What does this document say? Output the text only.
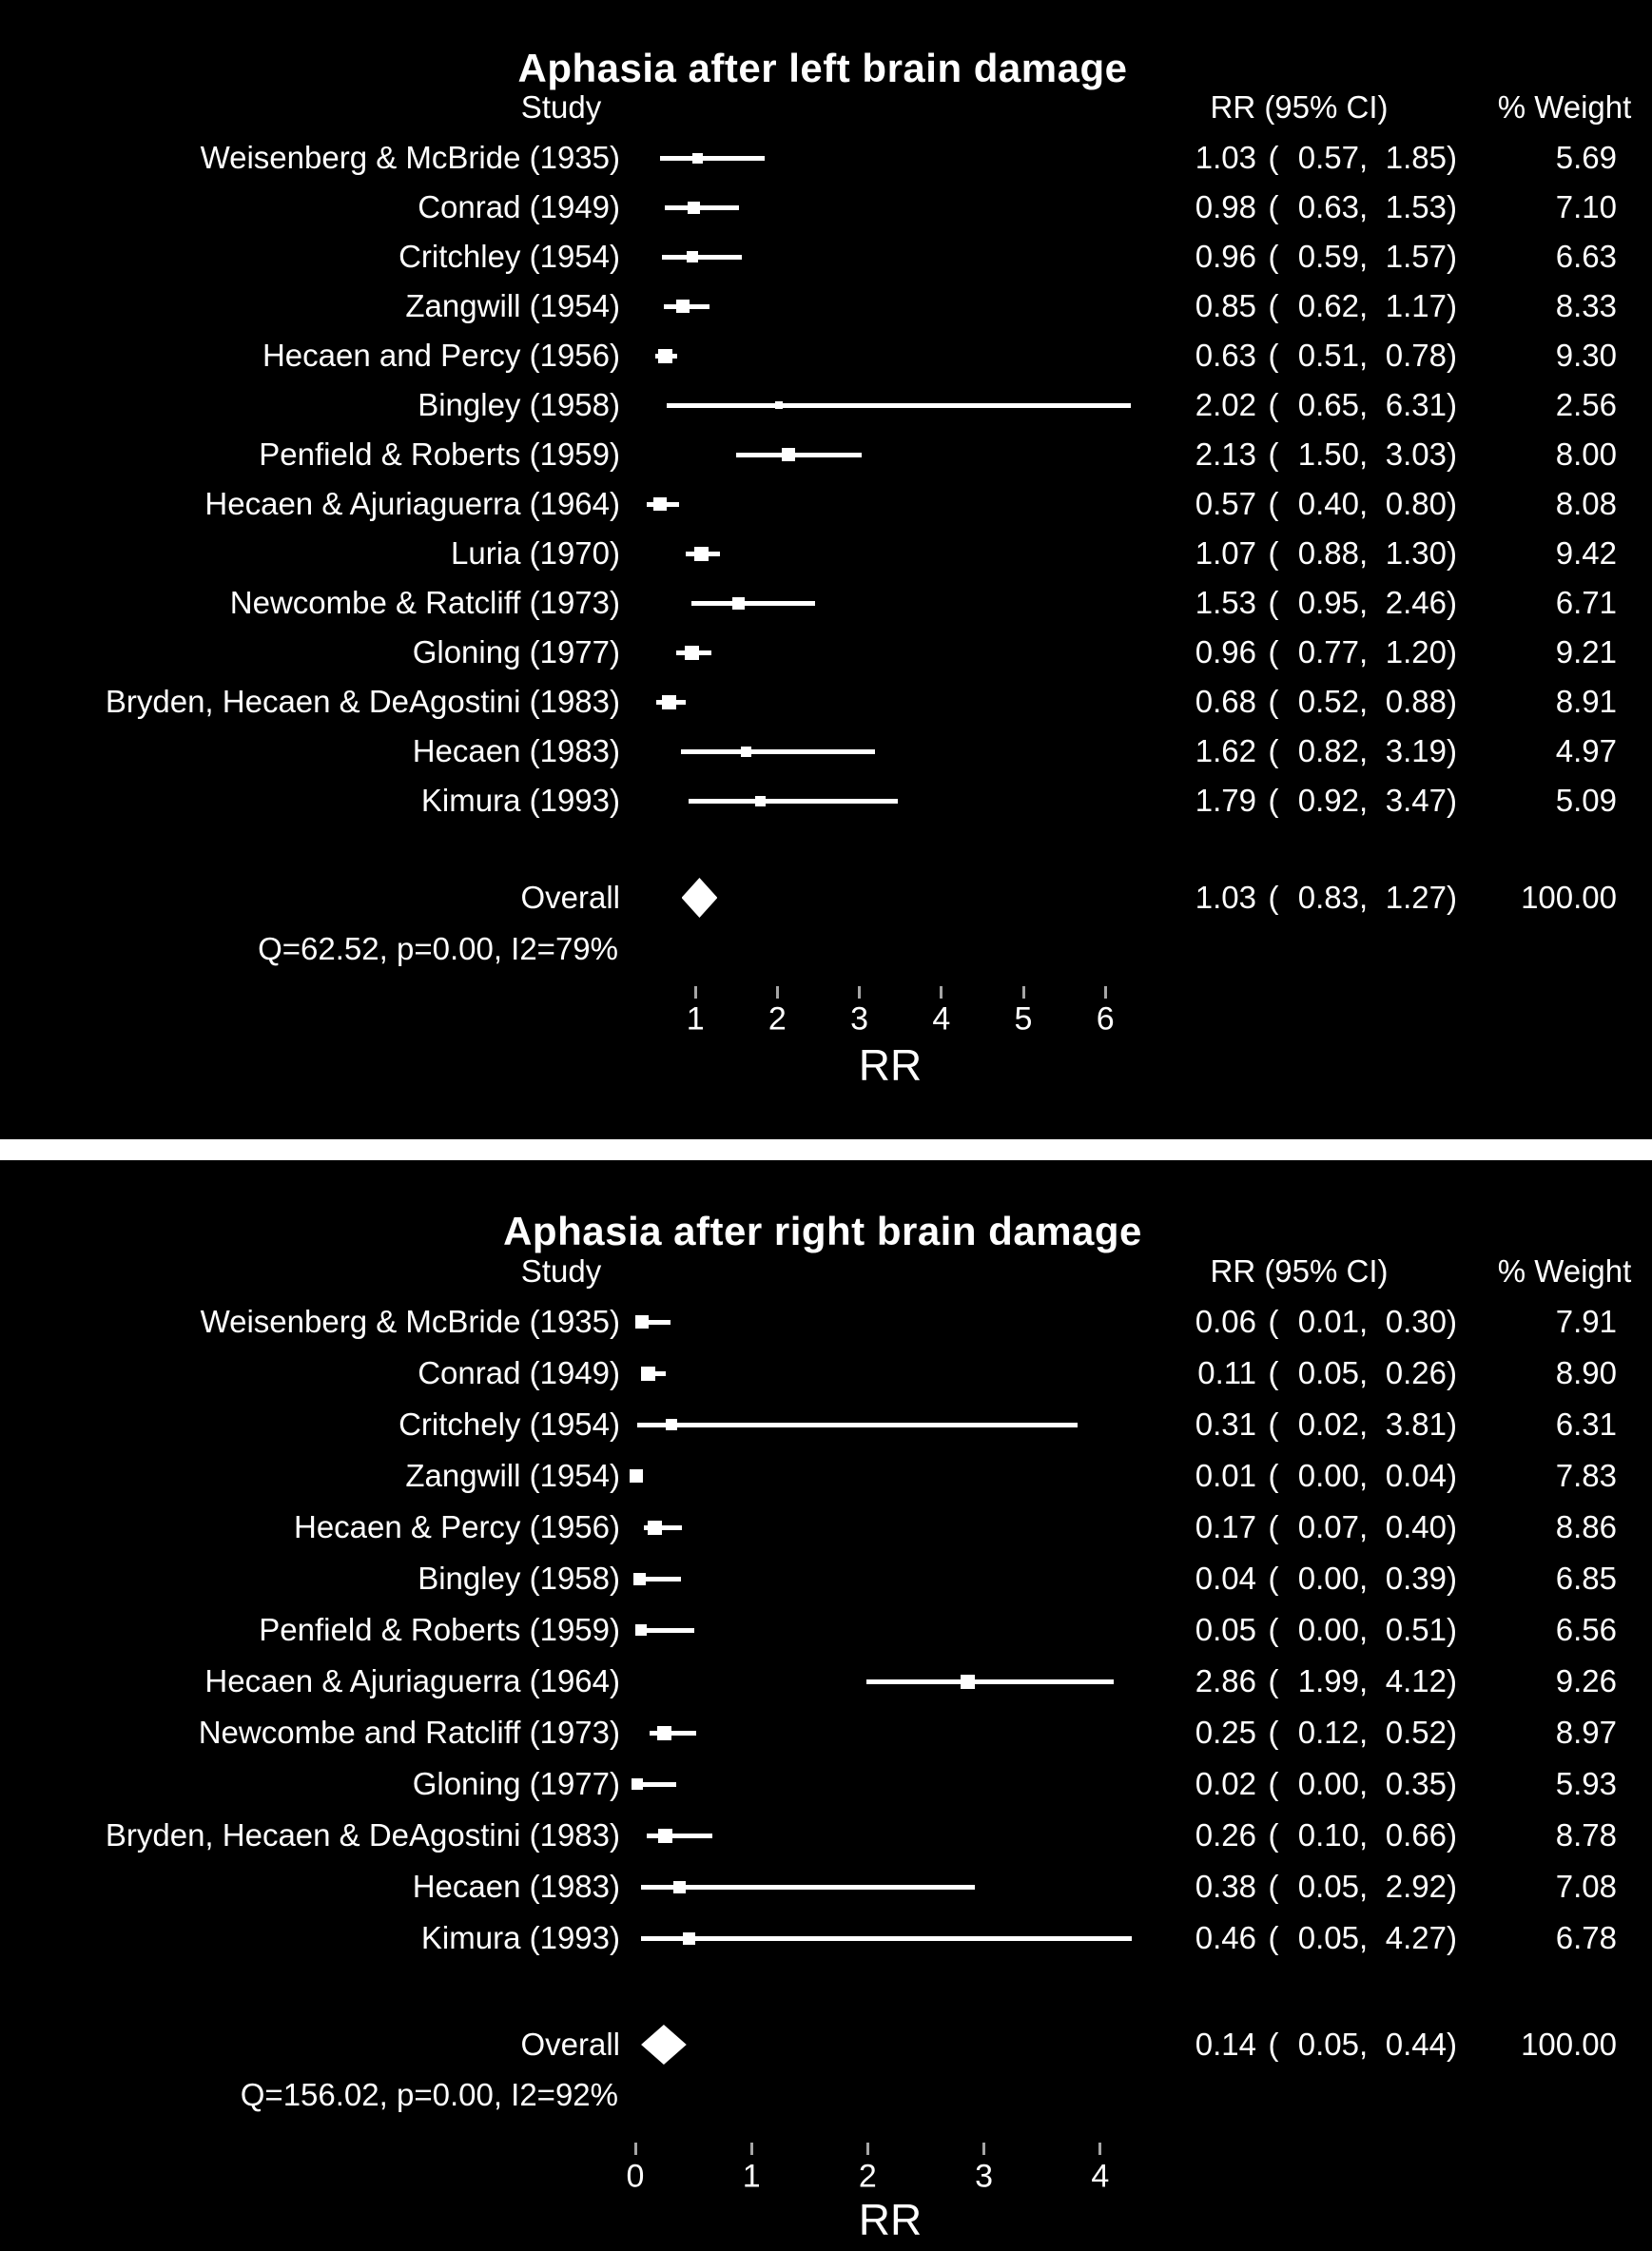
Aphasia after left brain damage
Study	RR (95% CI)	% Weight
Weisenberg & McBride (1935)	1.03 ( 0.57 , 1.85 )	5.69
Conrad (1949)	0.98 ( 0.63 , 1.53 )	7.10
Critchley (1954)	0.96 ( 0.59 , 1.57 )	6.63
Zangwill (1954)	0.85 ( 0.62 , 1.17 )	8.33
Hecaen and Percy (1956)	0.63 ( 0.51 , 0.78 )	9.30
Bingley (1958)	2.02 ( 0.65 , 6.31 )	2.56
Penfield & Roberts (1959)	2.13 ( 1.50 , 3.03 )	8.00
Hecaen & Ajuriaguerra (1964)	0.57 ( 0.40 , 0.80 )	8.08
Luria (1970)	1.07 ( 0.88 , 1.30 )	9.42
Newcombe & Ratcliff (1973)	1.53 ( 0.95 , 2.46 )	6.71
Gloning (1977)	0.96 ( 0.77 , 1.20 )	9.21
Bryden, Hecaen & DeAgostini (1983)	0.68 ( 0.52 , 0.88 )	8.91
Hecaen (1983)	1.62 ( 0.82 , 3.19 )	4.97
Kimura (1993)	1.79 ( 0.92 , 3.47 )	5.09
Overall	1.03 ( 0.83 , 1.27 ) 100.00
Q=62.52, p=0.00, I2=79%
1 2 3 4 5 6
RR
Aphasia after right brain damage
Study	RR (95% CI)	% Weight
Weisenberg & McBride (1935)	0.06 ( 0.01 , 0.30 )	7.91
Conrad (1949)	0.11 ( 0.05 , 0.26 )	8.90
Critchely (1954)	0.31 ( 0.02 , 3.81 )	6.31
Zangwill (1954)	0.01 ( 0.00 , 0.04 )	7.83
Hecaen & Percy (1956)	0.17 ( 0.07 , 0.40 )	8.86
Bingley (1958)	0.04 ( 0.00 , 0.39 )	6.85
Penfield & Roberts (1959)	0.05 ( 0.00 , 0.51 )	6.56
Hecaen & Ajuriaguerra (1964)	2.86 ( 1.99 , 4.12 )	9.26
Newcombe and Ratcliff (1973)	0.25 ( 0.12 , 0.52 )	8.97
Gloning (1977)	0.02 ( 0.00 , 0.35 )	5.93
Bryden, Hecaen & DeAgostini (1983)	0.26 ( 0.10 , 0.66 )	8.78
Hecaen (1983)	0.38 ( 0.05 , 2.92 )	7.08
Kimura (1993)	0.46 ( 0.05 , 4.27 )	6.78
Overall	0.14 ( 0.05 , 0.44 ) 100.00
Q=156.02, p=0.00, I2=92%
0	1	2	3	4
RR
